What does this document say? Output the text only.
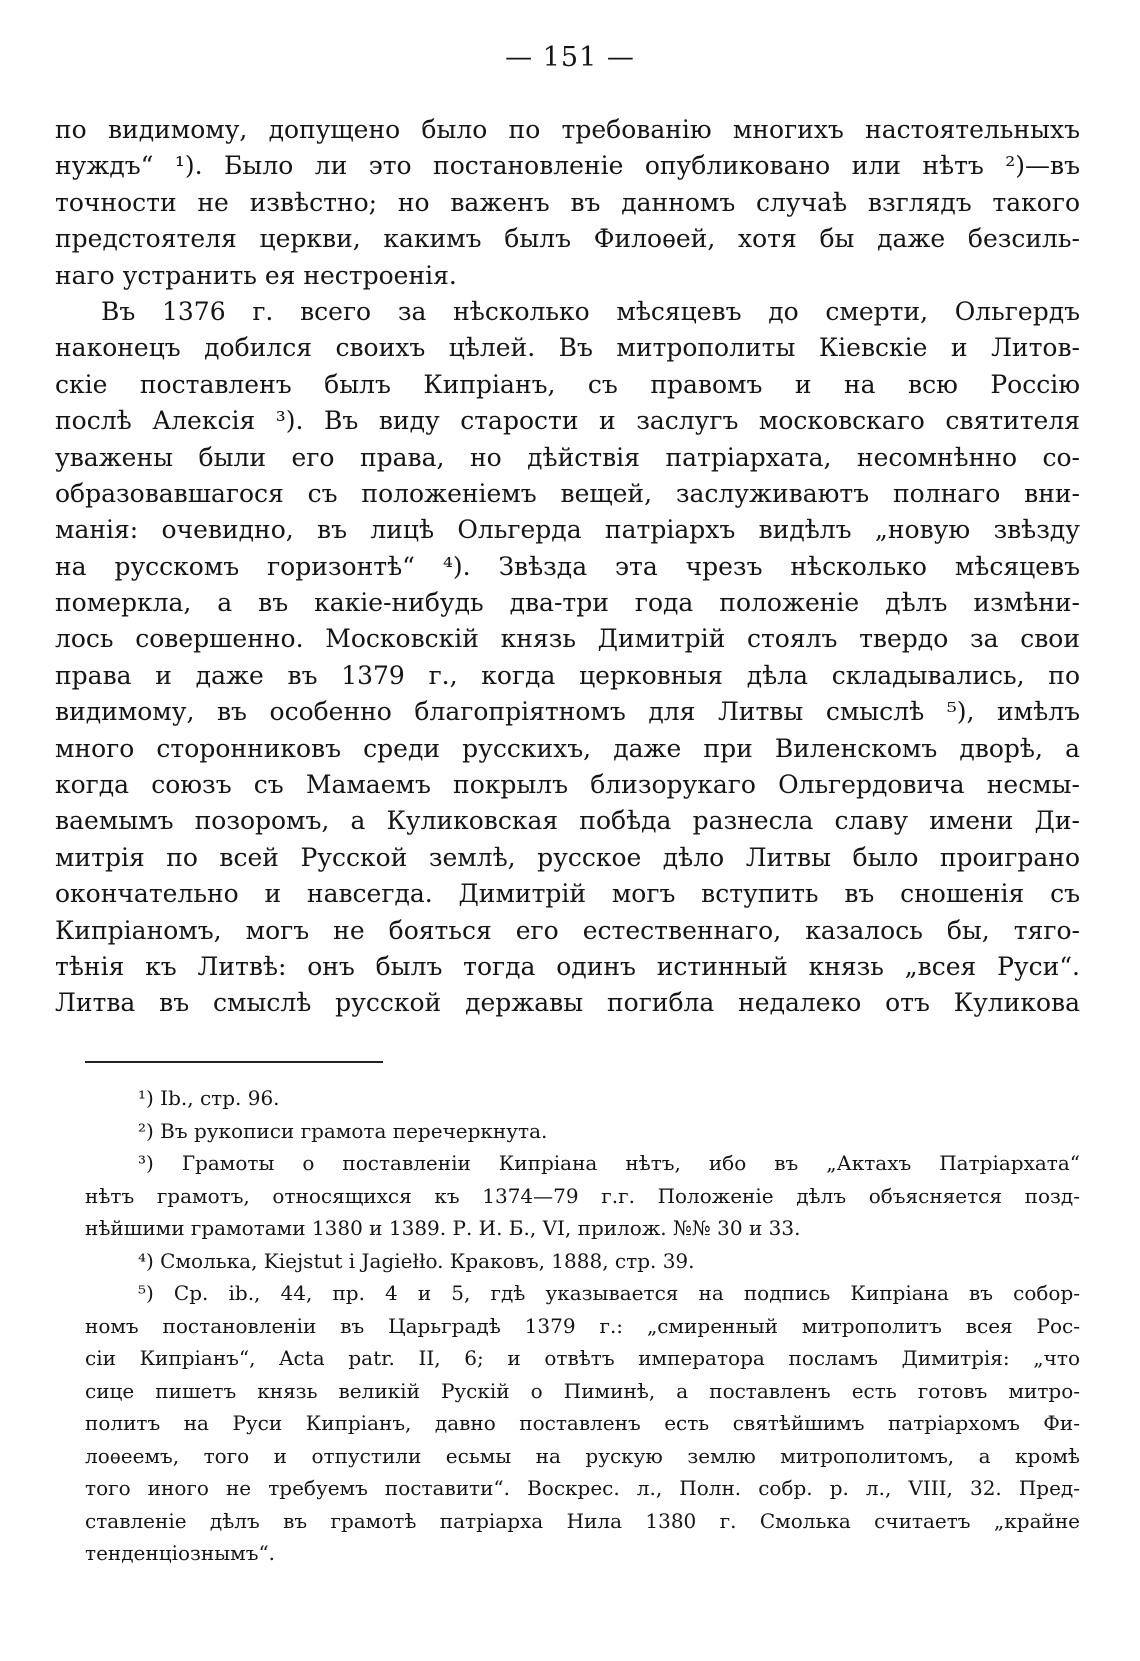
— 151 —
по видимому, допущено было по требованію многихъ настоятельныхъ
нуждъ“ ¹). Было ли это постановленіе опубликовано или нѣтъ ²)—въ
точности не извѣстно; но важенъ въ данномъ случаѣ взглядъ такого
предстоятеля церкви, какимъ былъ Филоѳей, хотя бы даже безсиль-
наго устранить ея нестроенія.
Въ 1376 г. всего за нѣсколько мѣсяцевъ до смерти, Ольгердъ
наконецъ добился своихъ цѣлей. Въ митрополиты Кіевскіе и Литов-
скіе поставленъ былъ Кипріанъ, съ правомъ и на всю Россію
послѣ Алексія ³). Въ виду старости и заслугъ московскаго святителя
уважены были его права, но дѣйствія патріархата, несомнѣнно со-
образовавшагося съ положеніемъ вещей, заслуживаютъ полнаго вни-
манія: очевидно, въ лицѣ Ольгерда патріархъ видѣлъ „новую звѣзду
на русскомъ горизонтѣ“ ⁴). Звѣзда эта чрезъ нѣсколько мѣсяцевъ
померкла, а въ какіе-нибудь два-три года положеніе дѣлъ измѣни-
лось совершенно. Московскій князь Димитрій стоялъ твердо за свои
права и даже въ 1379 г., когда церковныя дѣла складывались, по
видимому, въ особенно благопріятномъ для Литвы смыслѣ ⁵), имѣлъ
много сторонниковъ среди русскихъ, даже при Виленскомъ дворѣ, а
когда союзъ съ Мамаемъ покрылъ близорукаго Ольгердовича несмы-
ваемымъ позоромъ, а Куликовская побѣда разнесла славу имени Ди-
митрія по всей Русской землѣ, русское дѣло Литвы было проиграно
окончательно и навсегда. Димитрій могъ вступить въ сношенія съ
Кипріаномъ, могъ не бояться его естественнаго, казалось бы, тяго-
тѣнія къ Литвѣ: онъ былъ тогда одинъ истинный князь „всея Руси“.
Литва въ смыслѣ русской державы погибла недалеко отъ Куликова
¹) Ib., стр. 96.
²) Въ рукописи грамота перечеркнута.
³) Грамоты о поставленіи Кипріана нѣтъ, ибо въ „Актахъ Патріархата“
нѣтъ грамотъ, относящихся къ 1374—79 г.г. Положеніе дѣлъ объясняется позд-
нѣйшими грамотами 1380 и 1389. Р. И. Б., VI, прилож. №№ 30 и 33.
⁴) Смолька, Kiejstut i Jagiełło. Краковъ, 1888, стр. 39.
⁵) Ср. ib., 44, пр. 4 и 5, гдѣ указывается на подпись Кипріана въ собор-
номъ постановленіи въ Царьградѣ 1379 г.: „смиренный митрополитъ всея Рос-
сіи Кипріанъ“, Acta patr. II, 6; и отвѣтъ императора посламъ Димитрія: „что
сице пишетъ князь великій Рускій о Пиминѣ, а поставленъ есть готовъ митро-
политъ на Руси Кипріанъ, давно поставленъ есть святѣйшимъ патріархомъ Фи-
лоѳеемъ, того и отпустили есьмы на рускую землю митрополитомъ, а кромѣ
того иного не требуемъ поставити“. Воскрес. л., Полн. собр. р. л., VIII, 32. Пред-
ставленіе дѣлъ въ грамотѣ патріарха Нила 1380 г. Смолька считаетъ „крайне
тенденціознымъ“.
